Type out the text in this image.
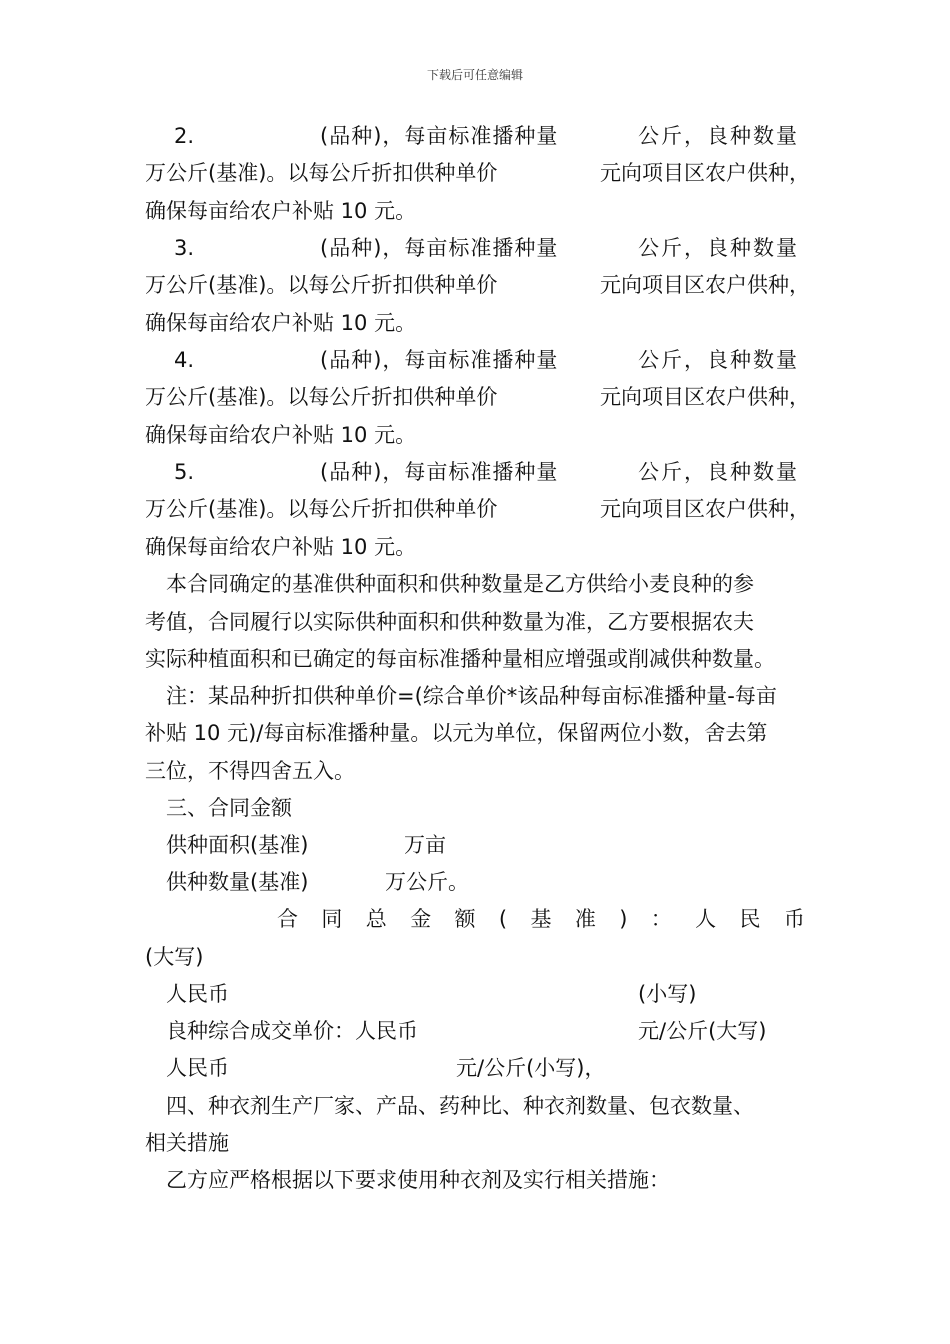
下载后可任意编辑
2.	(品种)，每亩标准播种量	公斤，良种数量
万公斤(基准)。以每公斤折扣供种单价	元向项目区农户供种，
确保每亩给农户补贴 10 元。
3.	(品种)，每亩标准播种量	公斤，良种数量
万公斤(基准)。以每公斤折扣供种单价	元向项目区农户供种，
确保每亩给农户补贴 10 元。
4.	(品种)，每亩标准播种量	公斤，良种数量
万公斤(基准)。以每公斤折扣供种单价	元向项目区农户供种，
确保每亩给农户补贴 10 元。
5.	(品种)，每亩标准播种量	公斤，良种数量
万公斤(基准)。以每公斤折扣供种单价	元向项目区农户供种，
确保每亩给农户补贴 10 元。
本合同确定的基准供种面积和供种数量是乙方供给小麦良种的参
考值，合同履行以实际供种面积和供种数量为准，乙方要根据农夫
实际种植面积和已确定的每亩标准播种量相应增强或削减供种数量。
注：某品种折扣供种单价=(综合单价*该品种每亩标准播种量-每亩
补贴 10 元)/每亩标准播种量。以元为单位，保留两位小数，舍去第
三位，不得四舍五入。
三、合同金额
供种面积(基准)	万亩
供种数量(基准)	万公斤。
合 同 总 金 额 ( 基 准 ) ： 人 民 币
(大写)
人民币	(小写)
良种综合成交单价：人民币	元/公斤(大写)
人民币	元/公斤(小写)，
四、种衣剂生产厂家、产品、药种比、种衣剂数量、包衣数量、
相关措施
乙方应严格根据以下要求使用种衣剂及实行相关措施：
